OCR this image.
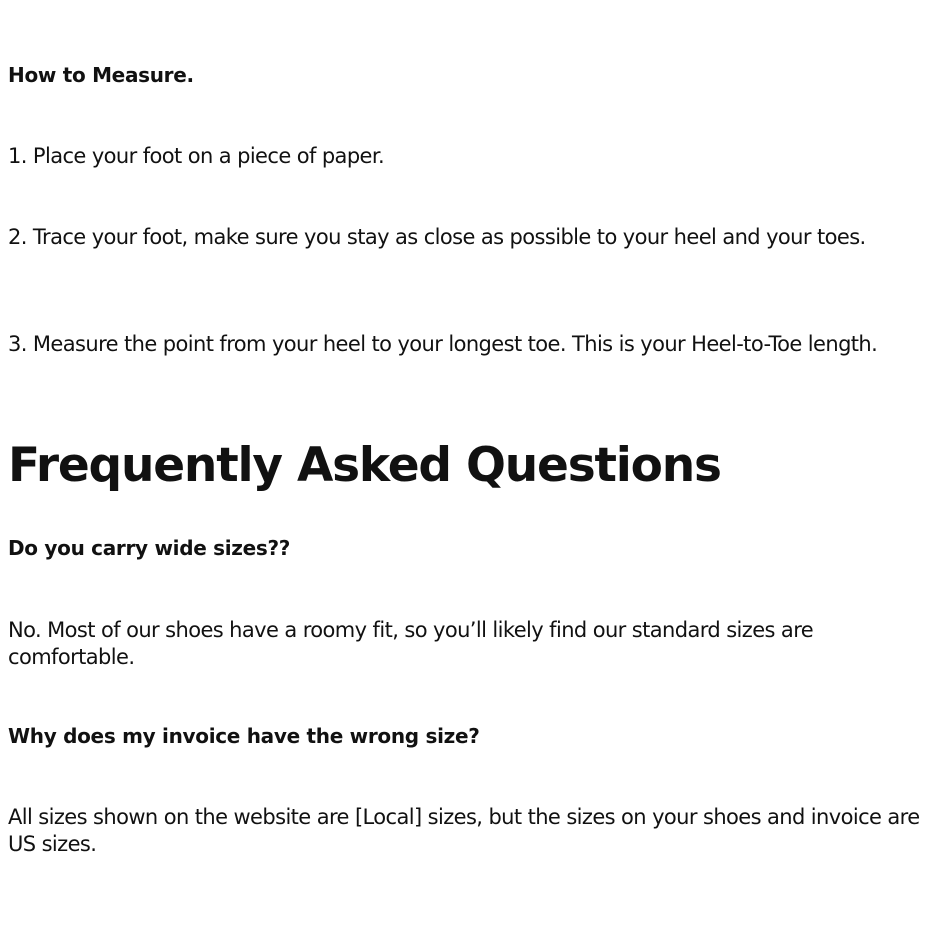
How to Measure.

1. Place your foot on a piece of paper.

2. Trace your foot, make sure you stay as close as possible to your heel and your toes.

3. Measure the point from your heel to your longest toe. This is your Heel-to-Toe length.

Frequently Asked Questions
Do you carry wide sizes??

No. Most of our shoes have a roomy fit, so you’ll likely find our standard sizes are comfortable.

Why does my invoice have the wrong size?

All sizes shown on the website are [Local] sizes, but the sizes on your shoes and invoice are US sizes.
